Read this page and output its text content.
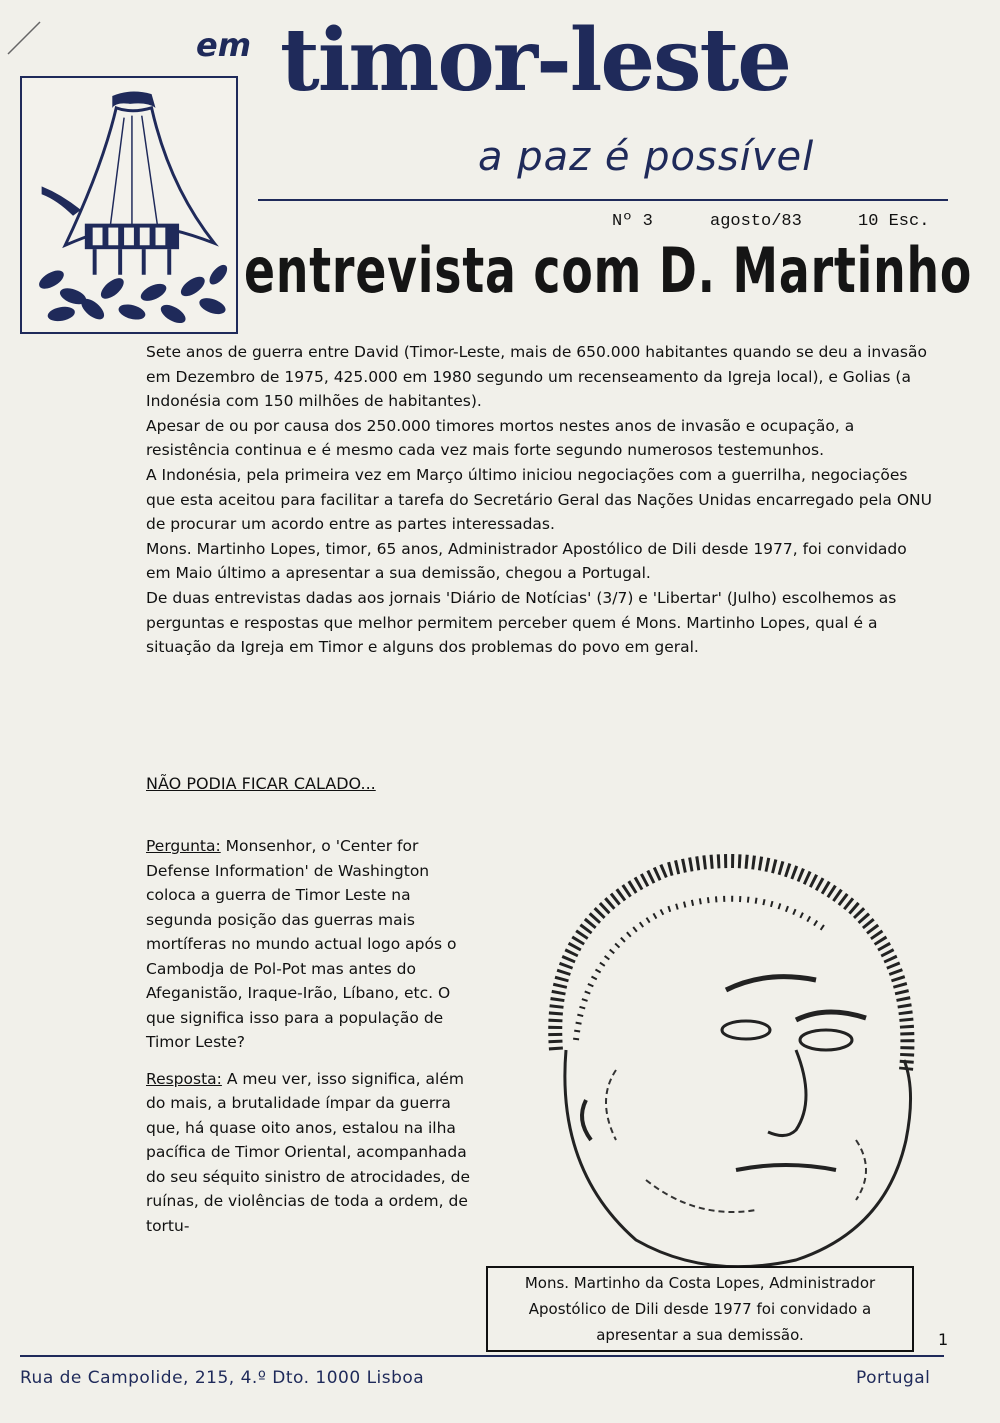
em timor-leste
a paz é possível
Nº 3	agosto/83	10 Esc.
entrevista com D. Martinho

Sete anos de guerra entre David (Timor-Leste, mais de 650.000 habitantes quando se deu a invasão em Dezembro de 1975, 425.000 em 1980 segundo um recenseamento da Igreja local), e Golias (a Indonésia com 150 milhões de habitantes).

Apesar de ou por causa dos 250.000 timores mortos nestes anos de invasão e ocupação, a resistência continua e é mesmo cada vez mais forte segundo numerosos testemunhos.

A Indonésia, pela primeira vez em Março último iniciou negociações com a guerrilha, negociações que esta aceitou para facilitar a tarefa do Secretário Geral das Nações Unidas encarregado pela ONU de procurar um acordo entre as partes interessadas.

Mons. Martinho Lopes, timor, 65 anos, Administrador Apostólico de Dili desde 1977, foi convidado em Maio último a apresentar a sua demissão, chegou a Portugal.

De duas entrevistas dadas aos jornais 'Diário de Notícias' (3/7) e 'Libertar' (Julho) escolhemos as perguntas e respostas que melhor permitem perceber quem é Mons. Martinho Lopes, qual é a situação da Igreja em Timor e alguns dos problemas do povo em geral.

NÃO PODIA FICAR CALADO...

Pergunta: Monsenhor, o 'Center for Defense Information' de Washington coloca a guerra de Timor Leste na segunda posição das guerras mais mortíferas no mundo actual logo após o Cambodja de Pol-Pot mas antes do Afeganistão, Iraque-Irão, Líbano, etc. O que significa isso para a população de Timor Leste?

Resposta: A meu ver, isso significa, além do mais, a brutalidade ímpar da guerra que, há quase oito anos, estalou na ilha pacífica de Timor Oriental, acompanhada do seu séquito sinistro de atrocidades, de ruínas, de violências de toda a ordem, de tortu-

Mons. Martinho da Costa Lopes, Administrador Apostólico de Dili desde 1977 foi convidado a apresentar a sua demissão.	1
Rua de Campolide, 215, 4.º Dto. 1000 Lisboa	Portugal
